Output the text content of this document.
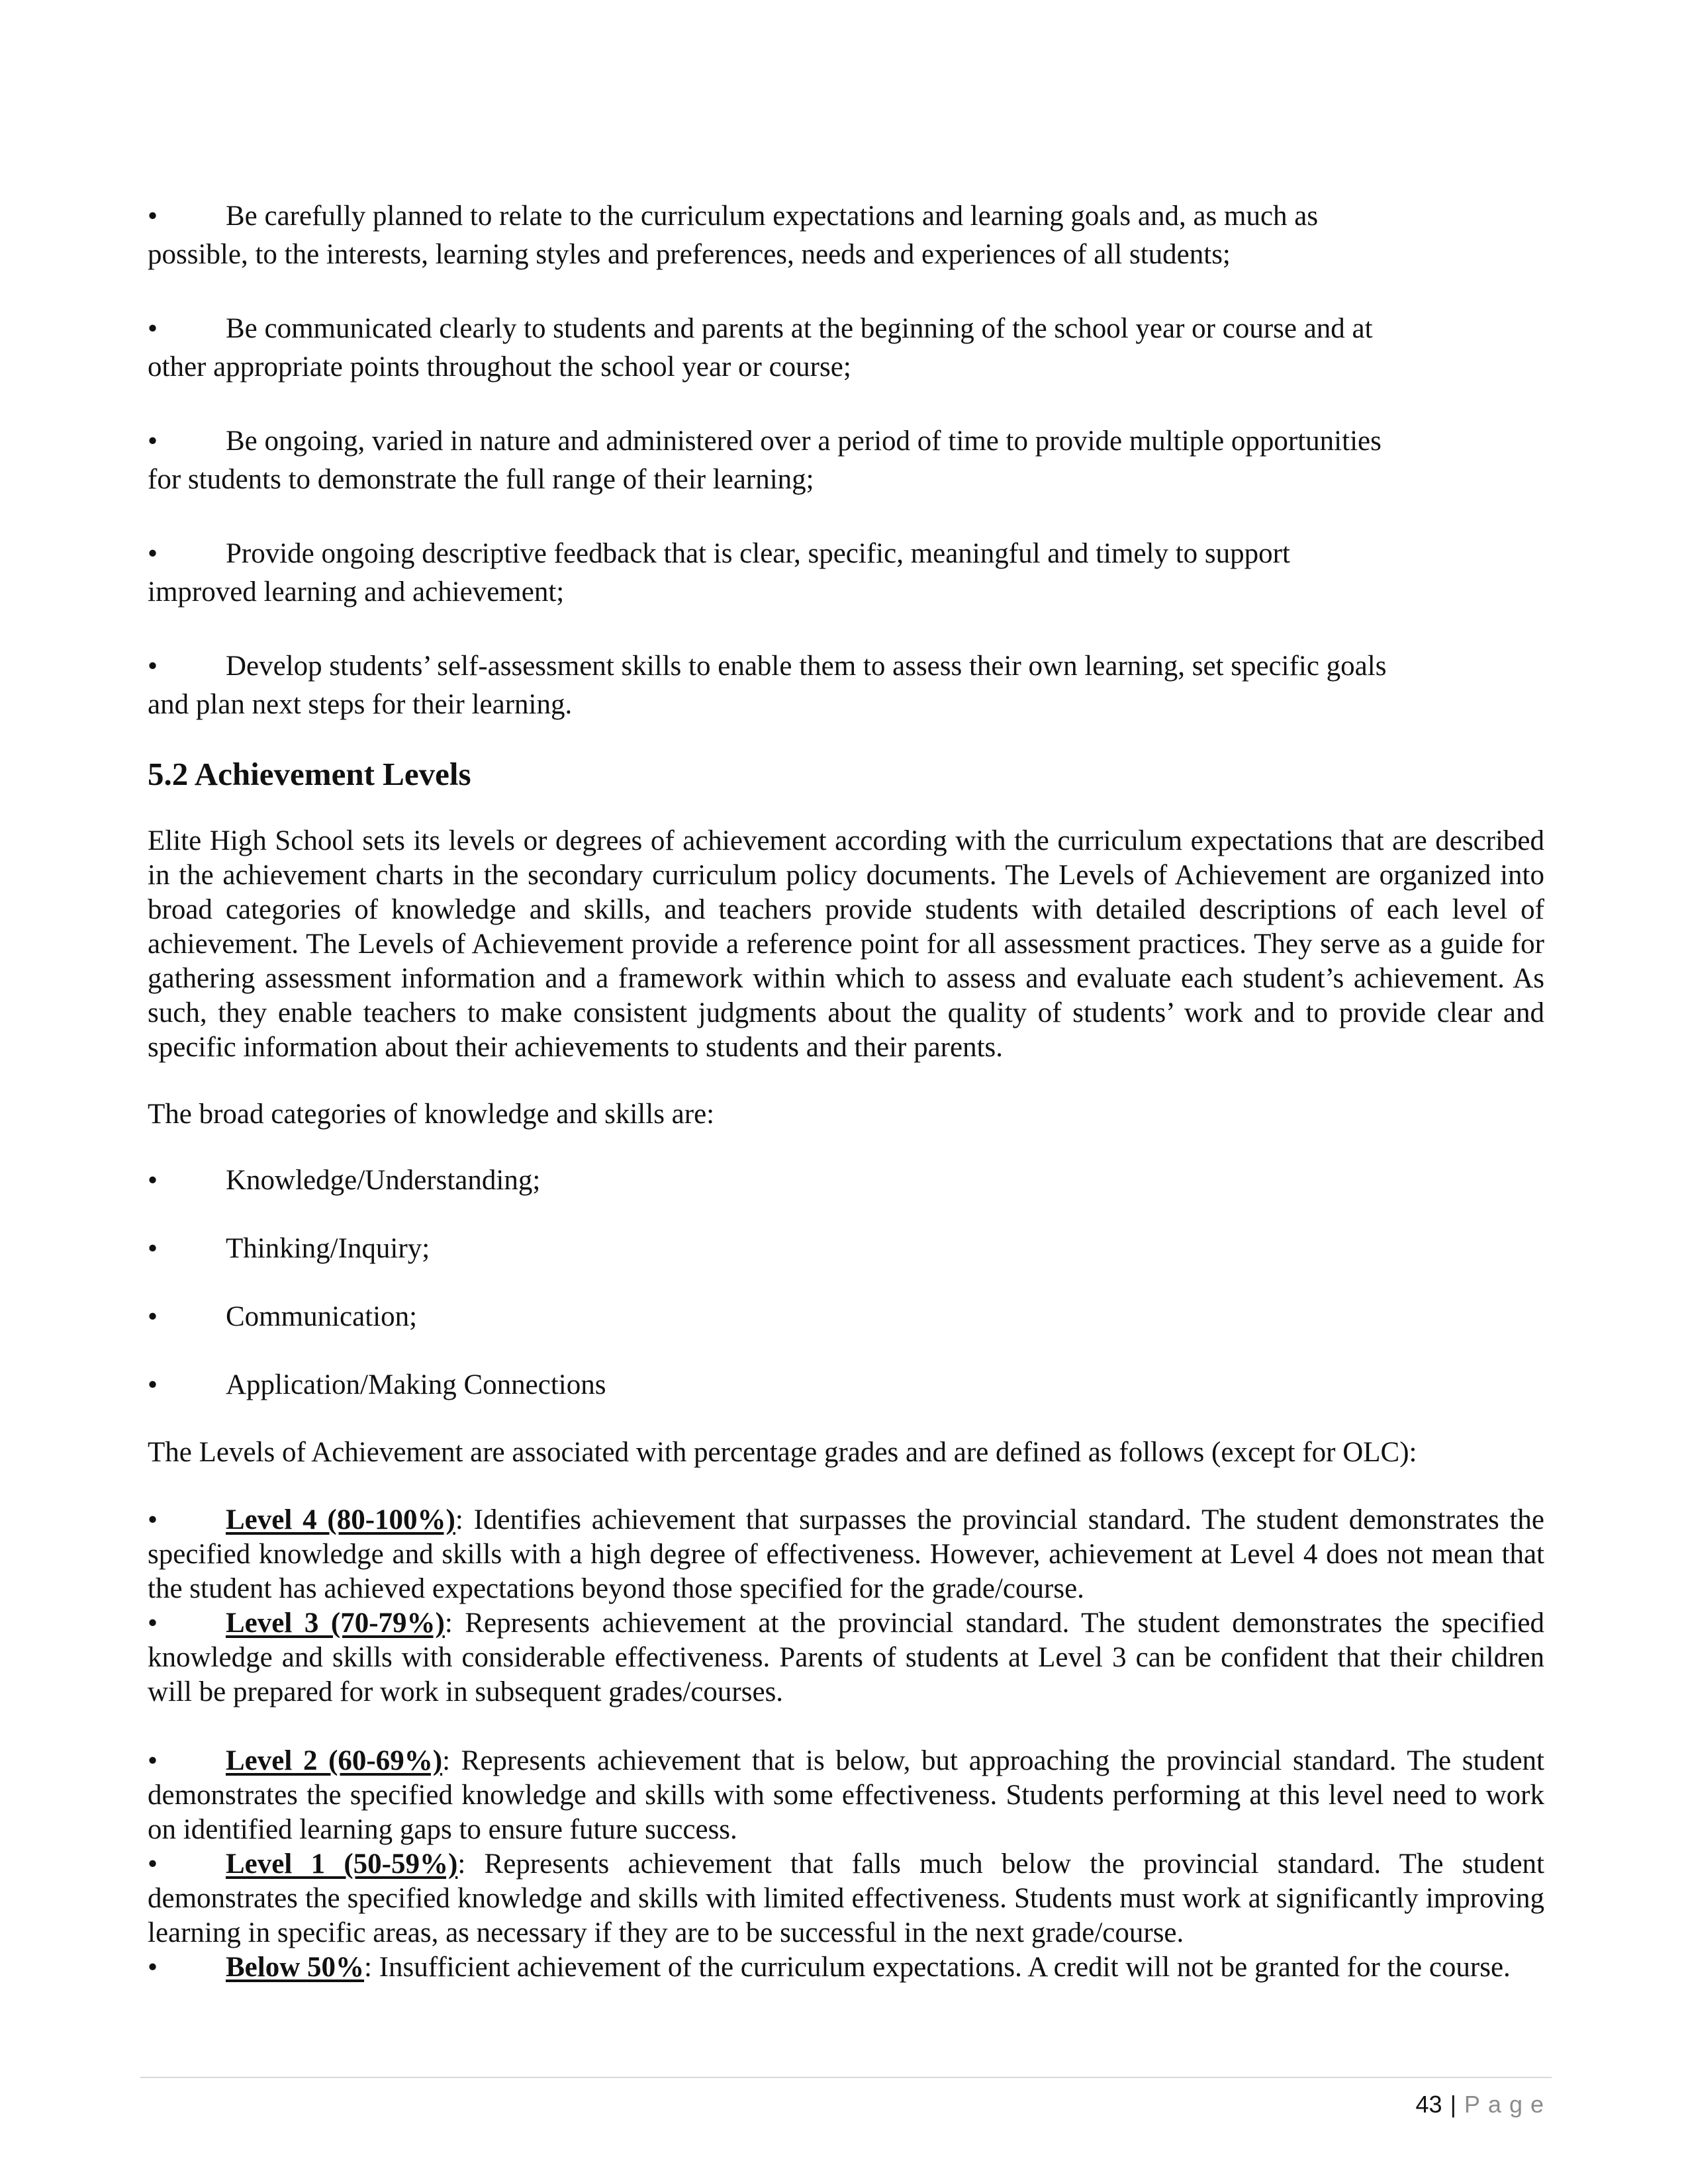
• Be carefully planned to relate to the curriculum expectations and learning goals and, as much as
possible, to the interests, learning styles and preferences, needs and experiences of all students;
• Be communicated clearly to students and parents at the beginning of the school year or course and at
other appropriate points throughout the school year or course;
• Be ongoing, varied in nature and administered over a period of time to provide multiple opportunities
for students to demonstrate the full range of their learning;
• Provide ongoing descriptive feedback that is clear, specific, meaningful and timely to support
improved learning and achievement;
• Develop students’ self-assessment skills to enable them to assess their own learning, set specific goals
and plan next steps for their learning.
5.2 Achievement Levels

Elite High School sets its levels or degrees of achievement according with the curriculum expectations that are described in the achievement charts in the secondary curriculum policy documents. The Levels of Achievement are organized into broad categories of knowledge and skills, and teachers provide students with detailed descriptions of each level of achievement. The Levels of Achievement provide a reference point for all assessment practices. They serve as a guide for gathering assessment information and a framework within which to assess and evaluate each student’s achievement. As such, they enable teachers to make consistent judgments about the quality of students’ work and to provide clear and specific information about their achievements to students and their parents.

The broad categories of knowledge and skills are:

• Knowledge/Understanding;
• Thinking/Inquiry;
• Communication;
• Application/Making Connections

The Levels of Achievement are associated with percentage grades and are defined as follows (except for OLC):

• Level 4 (80-100%): Identifies achievement that surpasses the provincial standard. The student demonstrates the specified knowledge and skills with a high degree of effectiveness. However, achievement at Level 4 does not mean that the student has achieved expectations beyond those specified for the grade/course.

• Level 3 (70-79%): Represents achievement at the provincial standard. The student demonstrates the specified knowledge and skills with considerable effectiveness. Parents of students at Level 3 can be confident that their children will be prepared for work in subsequent grades/courses.

• Level 2 (60-69%): Represents achievement that is below, but approaching the provincial standard. The student demonstrates the specified knowledge and skills with some effectiveness. Students performing at this level need to work on identified learning gaps to ensure future success.

• Level 1 (50-59%): Represents achievement that falls much below the provincial standard. The student demonstrates the specified knowledge and skills with limited effectiveness. Students must work at significantly improving learning in specific areas, as necessary if they are to be successful in the next grade/course.

• Below 50%: Insufficient achievement of the curriculum expectations. A credit will not be granted for the course.

43 | Page
